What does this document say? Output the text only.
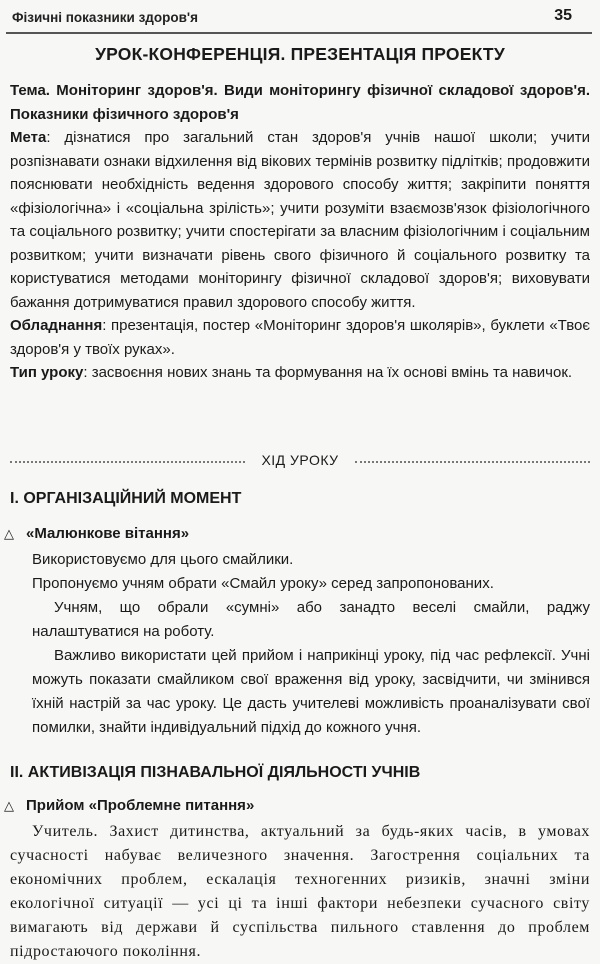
Фізичні показники здоров'я	35
УРОК-КОНФЕРЕНЦІЯ. ПРЕЗЕНТАЦІЯ ПРОЕКТУ

Тема. Моніторинг здоров'я. Види моніторингу фізичної складової здоров'я. Показники фізичного здоров'я

Мета: дізнатися про загальний стан здоров'я учнів нашої школи; учити розпізнавати ознаки відхилення від вікових термінів розвитку підлітків; продовжити пояснювати необхідність ведення здорового способу життя; закріпити поняття «фізіологічна» і «соціальна зрілість»; учити розуміти взаємозв'язок фізіологічного та соціального розвитку; учити спостерігати за власним фізіологічним і соціальним розвитком; учити визначати рівень свого фізичного й соціального розвитку та користуватися методами моніторингу фізичної складової здоров'я; виховувати бажання дотримуватися правил здорового способу життя.

Обладнання: презентація, постер «Моніторинг здоров'я школярів», буклети «Твоє здоров'я у твоїх руках».

Тип уроку: засвоєння нових знань та формування на їх основі вмінь та навичок.

ХІД УРОКУ
І. ОРГАНІЗАЦІЙНИЙ МОМЕНТ
△ «Малюнкове вітання»

Використовуємо для цього смайлики.

Пропонуємо учням обрати «Смайл уроку» серед запропонованих.

Учням, що обрали «сумні» або занадто веселі смайли, раджу налаштуватися на роботу.

Важливо використати цей прийом і наприкінці уроку, під час рефлексії. Учні можуть показати смайликом свої враження від уроку, засвідчити, чи змінився їхній настрій за час уроку. Це дасть учителеві можливість проаналізувати свої помилки, знайти індивідуальний підхід до кожного учня.

ІІ. АКТИВІЗАЦІЯ ПІЗНАВАЛЬНОЇ ДІЯЛЬНОСТІ УЧНІВ
△ Прийом «Проблемне питання»

Учитель. Захист дитинства, актуальний за будь-яких часів, в умовах сучасності набуває величезного значення. Загострення соціальних та економічних проблем, ескалація техногенних ризиків, значні зміни екологічної ситуації — усі ці та інші фактори небезпеки сучасного світу вимагають від держави й суспільства пильного ставлення до проблем підростаючого покоління.
